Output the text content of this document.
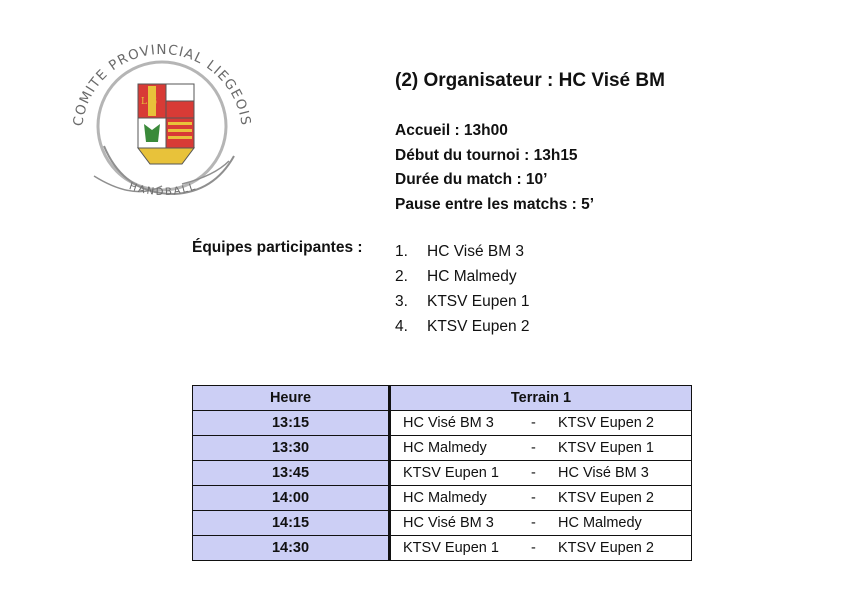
COMITE PROVINCIAL LIEGEOIS
HANDBALL
L G
(2) Organisateur : HC Visé BM
Accueil : 13h00
Début du tournoi : 13h15
Durée du match : 10’
Pause entre les matchs : 5’
Équipes participantes : 1. HC Visé BM 3
2. HC Malmedy
3. KTSV Eupen 1
4. KTSV Eupen 2
Heure	Terrain 1
13:15	HC Visé BM 3 - KTSV Eupen 2

13:30	HC Malmedy - KTSV Eupen 1

13:45	KTSV Eupen 1 - HC Visé BM 3

14:00	HC Malmedy - KTSV Eupen 2

14:15	HC Visé BM 3 - HC Malmedy

14:30	KTSV Eupen 1 - KTSV Eupen 2
